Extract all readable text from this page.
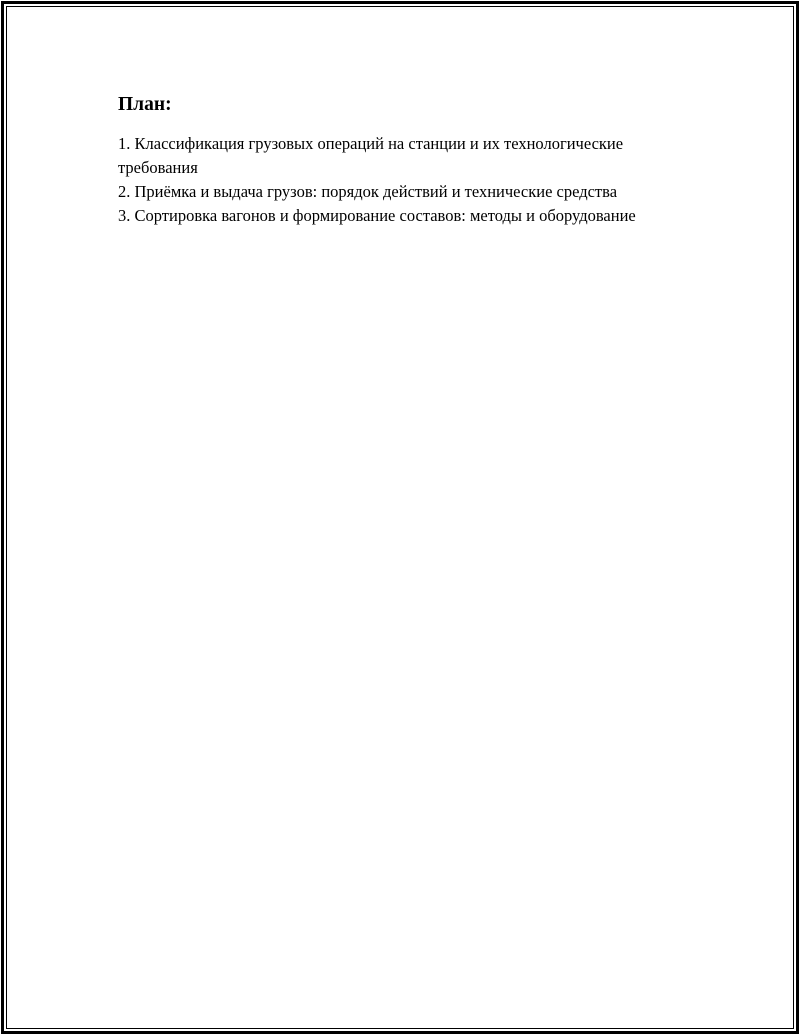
План:
1. Классификация грузовых операций на станции и их технологические требования
2. Приёмка и выдача грузов: порядок действий и технические средства
3. Сортировка вагонов и формирование составов: методы и оборудование
